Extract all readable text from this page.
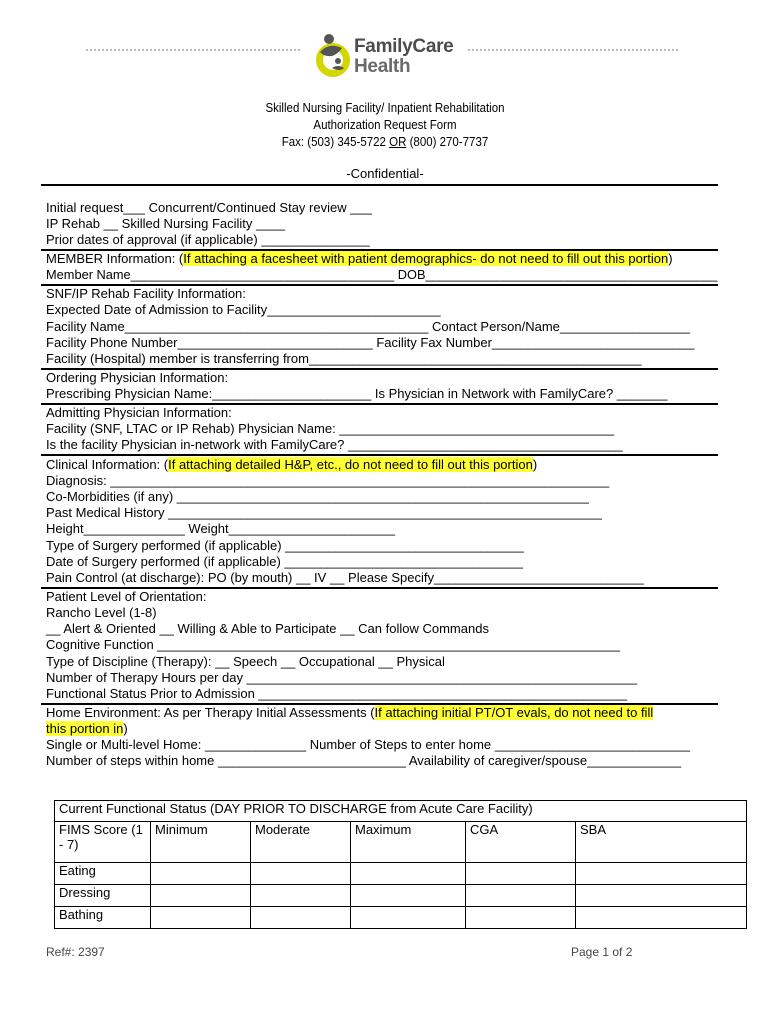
FamilyCare
Health
Skilled Nursing Facility/ Inpatient Rehabilitation
Authorization Request Form
Fax: (503) 345-5722 OR (800) 270-7737
-Confidential-
Initial request___ Concurrent/Continued Stay review ___
IP Rehab __ Skilled Nursing Facility ____
Prior dates of approval (if applicable) _______________
MEMBER Information: (If attaching a facesheet with patient demographics- do not need to fill out this portion)
Member Name_____________________________________ DOB_________________________________________
SNF/IP Rehab Facility Information:
Expected Date of Admission to Facility________________________
Facility Name__________________________________________ Contact Person/Name__________________
Facility Phone Number___________________________ Facility Fax Number____________________________
Facility (Hospital) member is transferring from______________________________________________
Ordering Physician Information:
Prescribing Physician Name:______________________ Is Physician in Network with FamilyCare? _______
Admitting Physician Information:
Facility (SNF, LTAC or IP Rehab) Physician Name: ______________________________________
Is the facility Physician in-network with FamilyCare? ______________________________________
Clinical Information: (If attaching detailed H&P, etc., do not need to fill out this portion)
Diagnosis: _____________________________________________________________________
Co-Morbidities (if any) _________________________________________________________
Past Medical History ____________________________________________________________
Height______________ Weight_______________________
Type of Surgery performed (if applicable) _________________________________
Date of Surgery performed (if applicable) _________________________________
Pain Control (at discharge): PO (by mouth) __ IV __ Please Specify_____________________________
Patient Level of Orientation:
Rancho Level (1-8)
__ Alert & Oriented __ Willing & Able to Participate __ Can follow Commands
Cognitive Function ________________________________________________________________
Type of Discipline (Therapy): __ Speech __ Occupational __ Physical
Number of Therapy Hours per day ______________________________________________________
Functional Status Prior to Admission ___________________________________________________
Home Environment: As per Therapy Initial Assessments (If attaching initial PT/OT evals, do not need to fill
this portion in)
Single or Multi-level Home: ______________ Number of Steps to enter home ___________________________
Number of steps within home __________________________ Availability of caregiver/spouse_____________
Current Functional Status (DAY PRIOR TO DISCHARGE from Acute Care Facility)					
FIMS Score (1 - 7)	Minimum	Moderate	Maximum	CGA	SBA
Eating					
Dressing					
Bathing					
Ref#: 2397	Page 1 of 2
